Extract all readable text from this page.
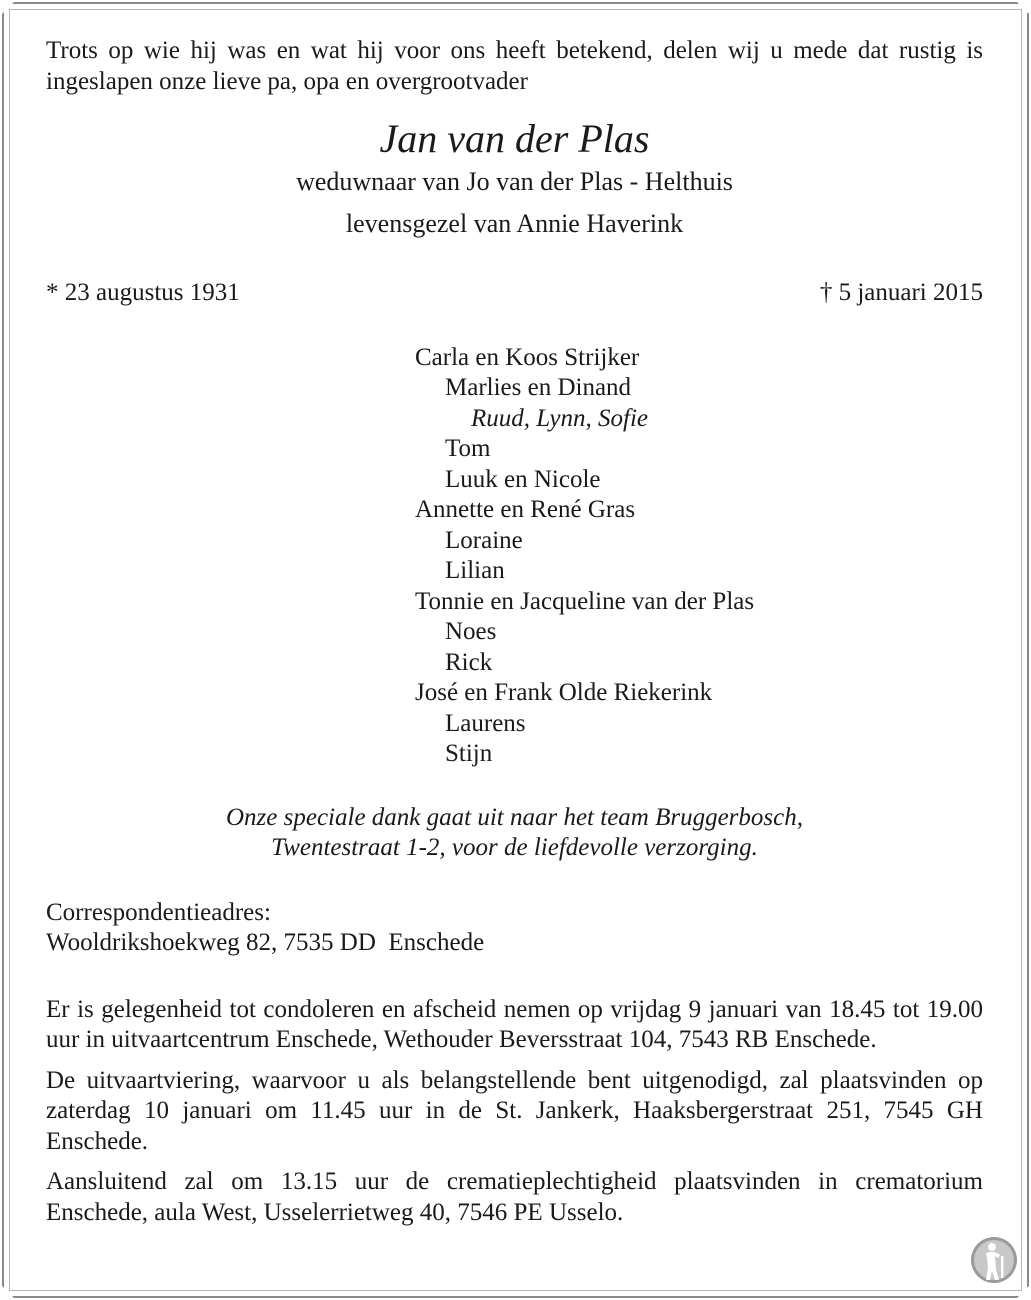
Trots op wie hij was en wat hij voor ons heeft betekend, delen wij u mede dat rustig is ingeslapen onze lieve pa, opa en overgrootvader

Jan van der Plas

weduwnaar van Jo van der Plas - Helthuis

levensgezel van Annie Haverink

* 23 augustus 1931	† 5 januari 2015
Carla en Koos Strijker
Marlies en Dinand
Ruud, Lynn, Sofie
Tom
Luuk en Nicole
Annette en René Gras
Loraine
Lilian
Tonnie en Jacqueline van der Plas
Noes
Rick
José en Frank Olde Riekerink
Laurens
Stijn
Onze speciale dank gaat uit naar het team Bruggerbosch,
Twentestraat 1-2, voor de liefdevolle verzorging.
Correspondentieadres:
Wooldrikshoekweg 82, 7535 DD  Enschede

Er is gelegenheid tot condoleren en afscheid nemen op vrijdag 9 januari van 18.45 tot 19.00 uur in uitvaartcentrum Enschede, Wethouder Beversstraat 104, 7543 RB Enschede.

De uitvaartviering, waarvoor u als belangstellende bent uitgenodigd, zal plaatsvinden op zaterdag 10 januari om 11.45 uur in de St. Jankerk, Haaksbergerstraat 251, 7545 GH Enschede.

Aansluitend zal om 13.15 uur de crematieplechtigheid plaatsvinden in crematorium Enschede, aula West, Usselerrietweg 40, 7546 PE Usselo.
